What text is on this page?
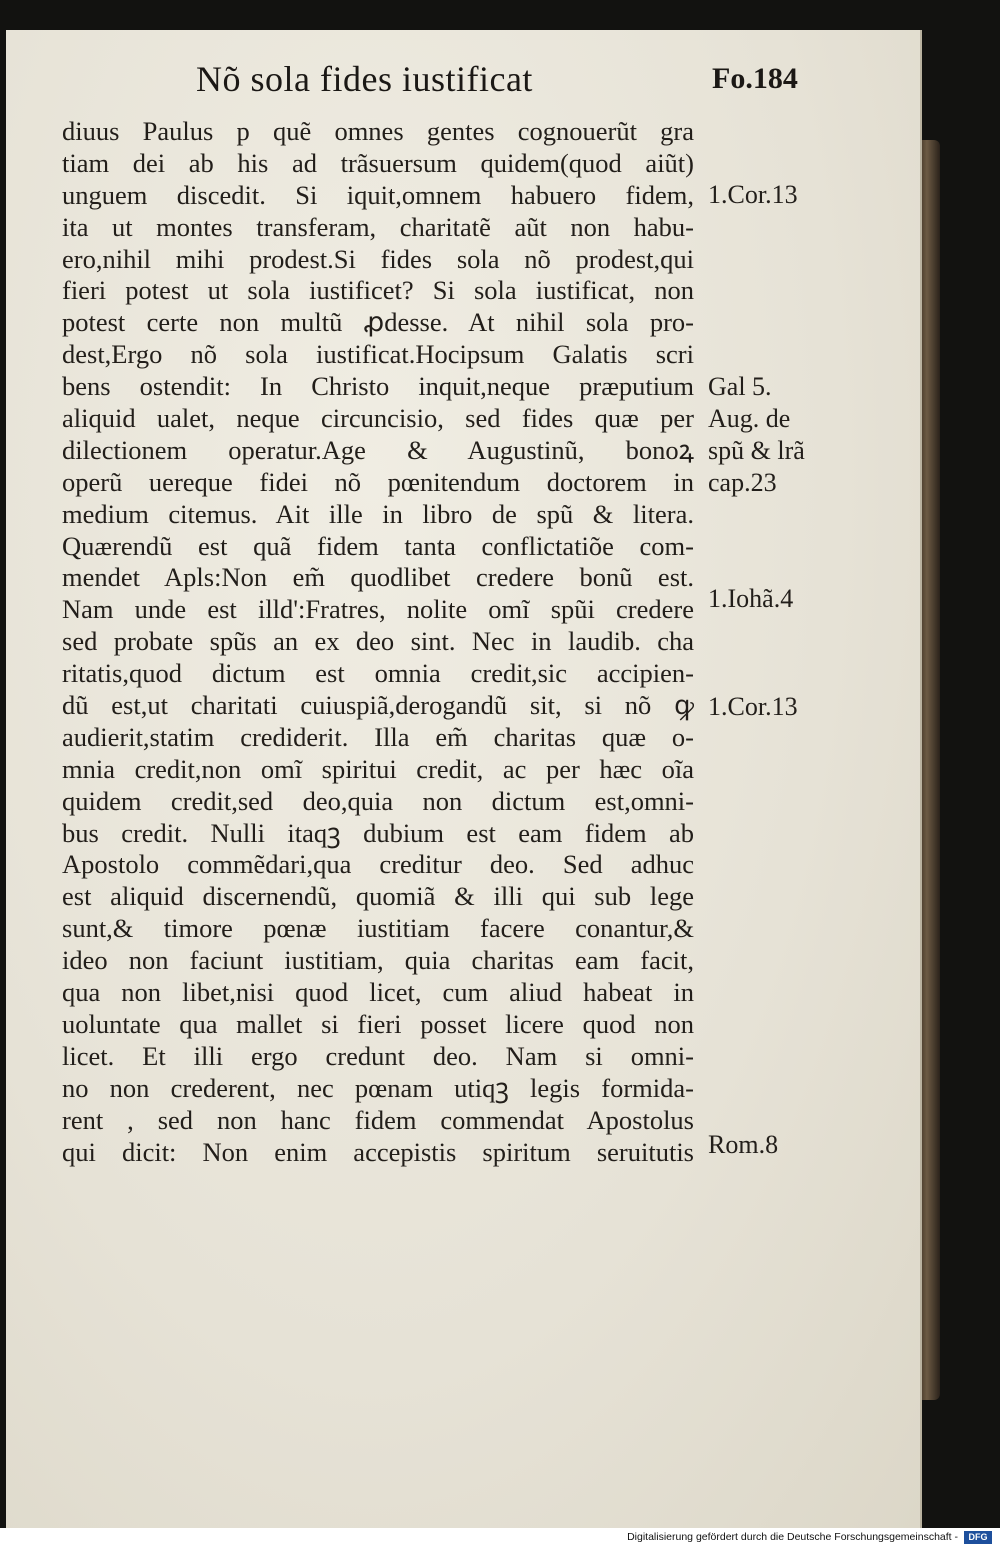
Nõ sola fides iustificat	Fo.184
diuus Paulus p quẽ omnes gentes cognouerũt gra
tiam dei ab his ad trãsuersum quidem(quod aiũt)
unguem discedit. Si iquit,omnem habuero fidem,
ita ut montes transferam, charitatẽ aũt non habu-
ero,nihil mihi prodest.Si fides sola nõ prodest,qui
fieri potest ut sola iustificet? Si sola iustificat, non
potest certe non multũ ꝓdesse. At nihil sola pro-
dest,Ergo nõ sola iustificat.Hocipsum Galatis scri
bens ostendit: In Christo inquit,neque præputium
aliquid ualet, neque circuncisio, sed fides quæ per
dilectionem operatur.Age & Augustinũ, bonoꝝ
operũ uereque fidei nõ pœnitendum doctorem in
medium citemus. Ait ille in libro de spũ & litera.
Quærendũ est quã fidem tanta conflictatiõe com-
mendet Apls:Non em̃ quodlibet credere bonũ est.
Nam unde est illd':Fratres, nolite omĩ spũi credere
sed probate spũs an ex deo sint. Nec in laudib. cha
ritatis,quod dictum est omnia credit,sic accipien-
dũ est,ut charitati cuiuspiã,derogandũ sit, si nõ ꝙ
audierit,statim crediderit. Illa em̃ charitas quæ o-
mnia credit,non omĩ spiritui credit, ac per hæc oĩa
quidem credit,sed deo,quia non dictum est,omni-
bus credit. Nulli itaqꝫ dubium est eam fidem ab
Apostolo commẽdari,qua creditur deo. Sed adhuc
est aliquid discernendũ, quomiã & illi qui sub lege
sunt,& timore pœnæ iustitiam facere conantur,&
ideo non faciunt iustitiam, quia charitas eam facit,
qua non libet,nisi quod licet, cum aliud habeat in
uoluntate qua mallet si fieri posset licere quod non
licet. Et illi ergo credunt deo. Nam si omni-
no non crederent, nec pœnam utiqꝫ legis formida-
rent , sed non hanc fidem commendat Apostolus
qui dicit: Non enim accepistis spiritum seruitutis
1.Cor.13
Gal 5.
Aug. de
spũ & lrã
cap.23
1.Iohã.4
1.Cor.13
Rom.8
Digitalisierung gefördert durch die Deutsche Forschungsgemeinschaft -	DFG
